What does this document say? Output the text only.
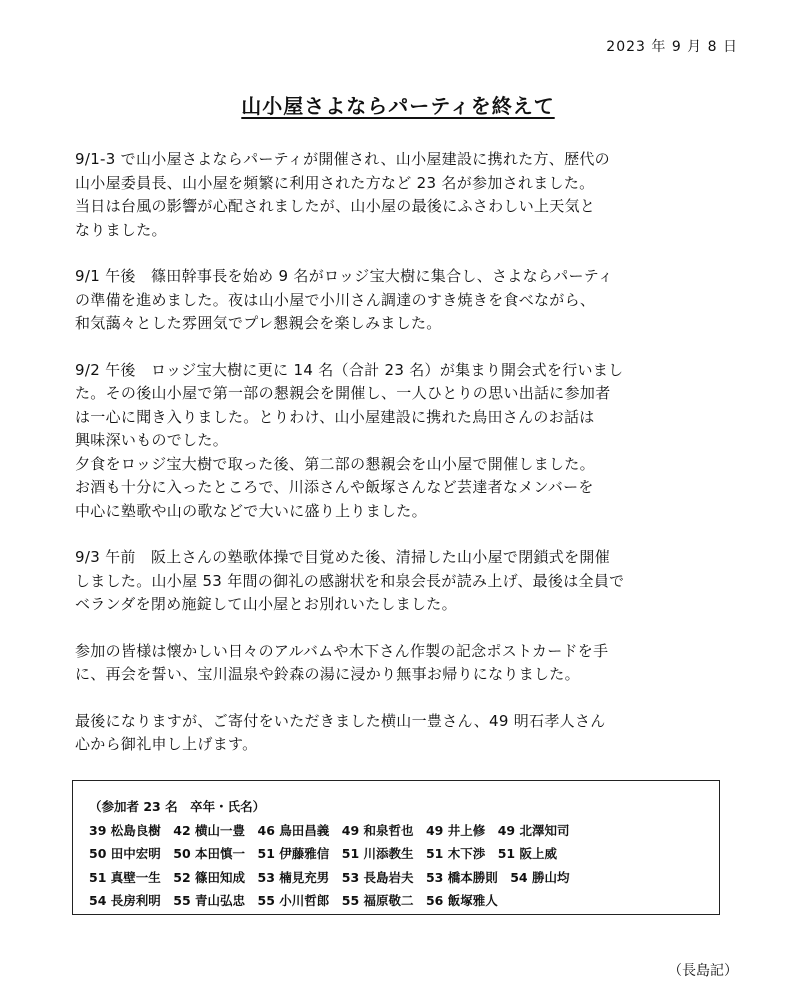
2023 年 9 月 8 日
山小屋さよならパーティを終えて

9/1-3 で山小屋さよならパーティが開催され、山小屋建設に携れた方、歴代の
山小屋委員長、山小屋を頻繁に利用された方など 23 名が参加されました。
当日は台風の影響が心配されましたが、山小屋の最後にふさわしい上天気と
なりました。

9/1 午後　篠田幹事長を始め 9 名がロッジ宝大樹に集合し、さよならパーティ
の準備を進めました。夜は山小屋で小川さん調達のすき焼きを食べながら、
和気藹々とした雰囲気でプレ懇親会を楽しみました。

9/2 午後　ロッジ宝大樹に更に 14 名（合計 23 名）が集まり開会式を行いまし
た。その後山小屋で第一部の懇親会を開催し、一人ひとりの思い出話に参加者
は一心に聞き入りました。とりわけ、山小屋建設に携れた鳥田さんのお話は
興味深いものでした。
夕食をロッジ宝大樹で取った後、第二部の懇親会を山小屋で開催しました。
お酒も十分に入ったところで、川添さんや飯塚さんなど芸達者なメンバーを
中心に塾歌や山の歌などで大いに盛り上りました。

9/3 午前　阪上さんの塾歌体操で目覚めた後、清掃した山小屋で閉鎖式を開催
しました。山小屋 53 年間の御礼の感謝状を和泉会長が読み上げ、最後は全員で
ベランダを閉め施錠して山小屋とお別れいたしました。

参加の皆様は懐かしい日々のアルバムや木下さん作製の記念ポストカードを手
に、再会を誓い、宝川温泉や鈴森の湯に浸かり無事お帰りになりました。

最後になりますが、ご寄付をいただきました横山一豊さん、49 明石孝人さん
心から御礼申し上げます。

（参加者 23 名　卒年・氏名）
39 松島良樹　42 横山一豊　46 鳥田昌義　49 和泉哲也　49 井上修　49 北澤知司
50 田中宏明　50 本田慎一　51 伊藤雅信　51 川添教生　51 木下渉　51 阪上威
51 真壁一生　52 篠田知成　53 楠見充男　53 長島岩夫　53 橋本勝則　54 勝山均
54 長房利明　55 青山弘忠　55 小川哲郎　55 福原敬二　56 飯塚雅人
（長島記）
